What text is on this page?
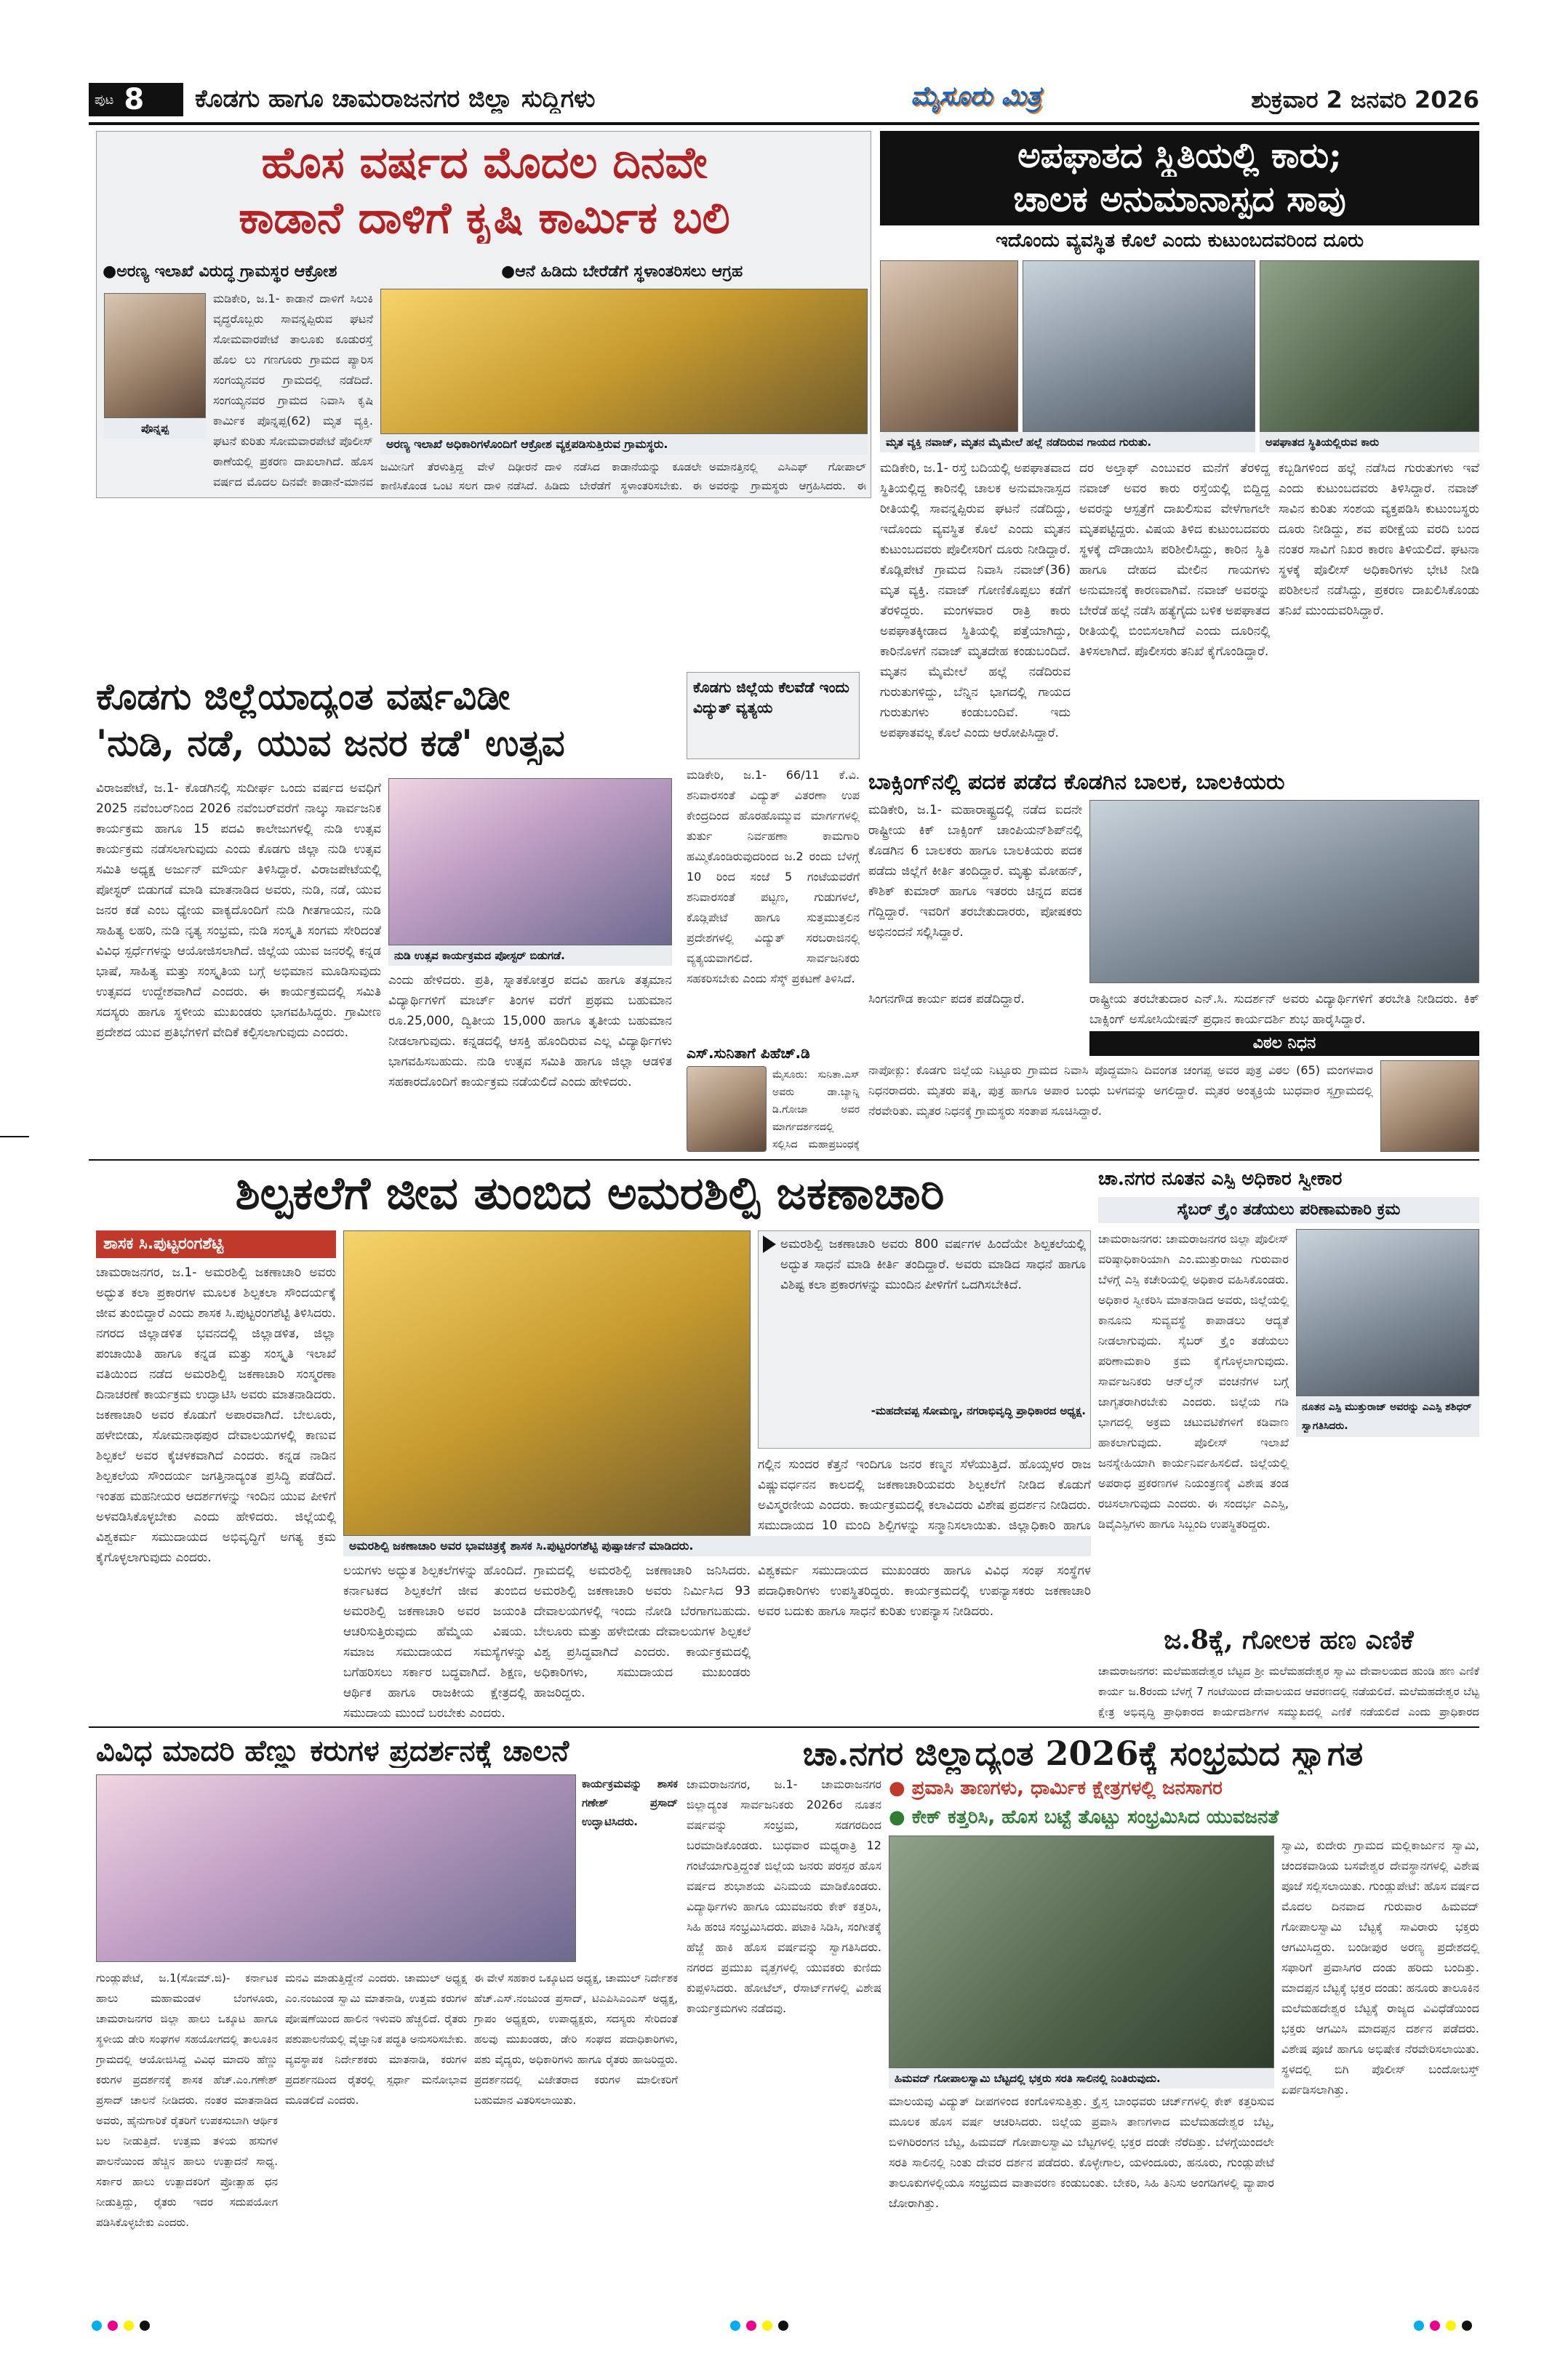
ಪುಟ 8 ಕೊಡಗು ಹಾಗೂ ಚಾಮರಾಜನಗರ ಜಿಲ್ಲಾ ಸುದ್ದಿಗಳು	ಮೈಸೂರು ಮಿತ್ರ	ಶುಕ್ರವಾರ 2 ಜನವರಿ 2026
ಹೊಸ ವರ್ಷದ ಮೊದಲ ದಿನವೇ
ಕಾಡಾನೆ ದಾಳಿಗೆ ಕೃಷಿ ಕಾರ್ಮಿಕ ಬಲಿ
●ಅರಣ್ಯ ಇಲಾಖೆ ವಿರುದ್ಧ ಗ್ರಾಮಸ್ಥರ ಆಕ್ರೋಶ	●ಆನೆ ಹಿಡಿದು ಬೇರೆಡೆಗೆ ಸ್ಥಳಾಂತರಿಸಲು ಆಗ್ರಹ
ಪೊನ್ನಪ್ಪ
ಮಡಿಕೇರಿ, ಜ.1- ಕಾಡಾನೆ ದಾಳಿಗೆ ಸಿಲುಕಿ ವೃದ್ಧರೊಬ್ಬರು ಸಾವನ್ನಪ್ಪಿರುವ ಘಟನೆ ಸೋಮವಾರಪೇಟೆ ತಾಲೂಕು ಕೂಡುರಸ್ತೆ ಹೊಲ ಲು ಗಣಗೂರು ಗ್ರಾಮದ ಪ್ಯಾರಿಸ ಸಂಗಯ್ಯನವರ ಗ್ರಾಮದಲ್ಲಿ ನಡೆದಿದೆ. ಸಂಗಯ್ಯನವರ ಗ್ರಾಮದ ನಿವಾಸಿ ಕೃಷಿ ಕಾರ್ಮಿಕ ಪೊನ್ನಪ್ಪ(62) ಮೃತ ವ್ಯಕ್ತಿ. ಘಟನೆ ಕುರಿತು ಸೋಮವಾರಪೇಟೆ ಪೊಲೀಸ್ ಠಾಣೆಯಲ್ಲಿ ಪ್ರಕರಣ ದಾಖಲಾಗಿದೆ. ಹೊಸ ವರ್ಷದ ಮೊದಲ ದಿನವೇ ಕಾಡಾನೆ-ಮಾನವ
ಅರಣ್ಯ ಇಲಾಖೆ ಅಧಿಕಾರಿಗಳೊಂದಿಗೆ ಆಕ್ರೋಶ ವ್ಯಕ್ತಪಡಿಸುತ್ತಿರುವ ಗ್ರಾಮಸ್ಥರು.
ಜಮೀನಿಗೆ ತೆರಳುತ್ತಿದ್ದ ವೇಳೆ ದಿಢೀರನೆ ಕಾಣಿಸಿಕೊಂಡ ಒಂಟಿ ಸಲಗ ದಾಳಿ ನಡೆಸಿದೆ.
ದಾಳಿ ನಡೆಸಿದ ಕಾಡಾನೆಯನ್ನು ಕೂಡಲೇ ಹಿಡಿದು ಬೇರೆಡೆಗೆ ಸ್ಥಳಾಂತರಿಸಬೇಕು. ಈ
ಅಮಾನತ್ತಿನಲ್ಲಿ ಎಸಿಎಫ್ ಗೋಪಾಲ್ ಅವರನ್ನು ಗ್ರಾಮಸ್ಥರು ಆಗ್ರಹಿಸಿದರು. ಈ
ಅಪಘಾತದ ಸ್ಥಿತಿಯಲ್ಲಿ ಕಾರು;
ಚಾಲಕ ಅನುಮಾನಾಸ್ಪದ ಸಾವು
ಇದೊಂದು ವ್ಯವಸ್ಥಿತ ಕೊಲೆ ಎಂದು ಕುಟುಂಬದವರಿಂದ ದೂರು
ಮೃತ ವ್ಯಕ್ತಿ ನವಾಜ್, ಮೃತನ ಮೈಮೇಲೆ ಹಲ್ಲೆ ನಡೆದಿರುವ ಗಾಯದ ಗುರುತು.	ಅಪಘಾತದ ಸ್ಥಿತಿಯಲ್ಲಿರುವ ಕಾರು
ಮಡಿಕೇರಿ, ಜ.1- ರಸ್ತೆ ಬದಿಯಲ್ಲಿ ಅಪಘಾತವಾದ ಸ್ಥಿತಿಯಲ್ಲಿದ್ದ ಕಾರಿನಲ್ಲಿ ಚಾಲಕ ಅನುಮಾನಾಸ್ಪದ ರೀತಿಯಲ್ಲಿ ಸಾವನ್ನಪ್ಪಿರುವ ಘಟನೆ ನಡೆದಿದ್ದು, ಇದೊಂದು ವ್ಯವಸ್ಥಿತ ಕೊಲೆ ಎಂದು ಮೃತನ ಕುಟುಂಬದವರು ಪೊಲೀಸರಿಗೆ ದೂರು ನೀಡಿದ್ದಾರೆ. ಕೊಡ್ಲಿಪೇಟೆ ಗ್ರಾಮದ ನಿವಾಸಿ ನವಾಜ್(36) ಮೃತ ವ್ಯಕ್ತಿ. ನವಾಜ್ ಗೋಣಿಕೊಪ್ಪಲು ಕಡೆಗೆ ತೆರಳಿದ್ದರು. ಮಂಗಳವಾರ ರಾತ್ರಿ ಕಾರು ಅಪಘಾತಕ್ಕೀಡಾದ ಸ್ಥಿತಿಯಲ್ಲಿ ಪತ್ತೆಯಾಗಿದ್ದು, ಕಾರಿನೊಳಗೆ ನವಾಜ್ ಮೃತದೇಹ ಕಂಡುಬಂದಿದೆ. ಮೃತನ ಮೈಮೇಲೆ ಹಲ್ಲೆ ನಡೆದಿರುವ ಗುರುತುಗಳಿದ್ದು, ಬೆನ್ನಿನ ಭಾಗದಲ್ಲಿ ಗಾಯದ ಗುರುತುಗಳು ಕಂಡುಬಂದಿವೆ. ಇದು ಅಪಘಾತವಲ್ಲ ಕೊಲೆ ಎಂದು ಆರೋಪಿಸಿದ್ದಾರೆ.
ದರ ಅಲ್ತಾಫ್ ಎಂಬುವರ ಮನೆಗೆ ತೆರಳಿದ್ದ ನವಾಜ್ ಅವರ ಕಾರು ರಸ್ತೆಯಲ್ಲಿ ಬಿದ್ದಿದ್ದ ಅವರನ್ನು ಆಸ್ಪತ್ರೆಗೆ ದಾಖಲಿಸುವ ವೇಳೆಗಾಗಲೇ ಮೃತಪಟ್ಟಿದ್ದರು. ವಿಷಯ ತಿಳಿದ ಕುಟುಂಬದವರು ಸ್ಥಳಕ್ಕೆ ದೌಡಾಯಿಸಿ ಪರಿಶೀಲಿಸಿದ್ದು, ಕಾರಿನ ಸ್ಥಿತಿ ಹಾಗೂ ದೇಹದ ಮೇಲಿನ ಗಾಯಗಳು ಅನುಮಾನಕ್ಕೆ ಕಾರಣವಾಗಿವೆ. ನವಾಜ್ ಅವರನ್ನು ಬೇರೆಡೆ ಹಲ್ಲೆ ನಡೆಸಿ ಹತ್ಯೆಗೈದು ಬಳಿಕ ಅಪಘಾತದ ರೀತಿಯಲ್ಲಿ ಬಿಂಬಿಸಲಾಗಿದೆ ಎಂದು ದೂರಿನಲ್ಲಿ ತಿಳಿಸಲಾಗಿದೆ. ಪೊಲೀಸರು ತನಿಖೆ ಕೈಗೊಂಡಿದ್ದಾರೆ.
ಕಬ್ಬಡಿಗಳಿಂದ ಹಲ್ಲೆ ನಡೆಸಿದ ಗುರುತುಗಳು ಇವೆ ಎಂದು ಕುಟುಂಬದವರು ತಿಳಿಸಿದ್ದಾರೆ. ನವಾಜ್ ಸಾವಿನ ಕುರಿತು ಸಂಶಯ ವ್ಯಕ್ತಪಡಿಸಿ ಕುಟುಂಬಸ್ಥರು ದೂರು ನೀಡಿದ್ದು, ಶವ ಪರೀಕ್ಷೆಯ ವರದಿ ಬಂದ ನಂತರ ಸಾವಿಗೆ ನಿಖರ ಕಾರಣ ತಿಳಿಯಲಿದೆ. ಘಟನಾ ಸ್ಥಳಕ್ಕೆ ಪೊಲೀಸ್ ಅಧಿಕಾರಿಗಳು ಭೇಟಿ ನೀಡಿ ಪರಿಶೀಲನೆ ನಡೆಸಿದ್ದು, ಪ್ರಕರಣ ದಾಖಲಿಸಿಕೊಂಡು ತನಿಖೆ ಮುಂದುವರಿಸಿದ್ದಾರೆ.
ಕೊಡಗು ಜಿಲ್ಲೆಯಾದ್ಯಂತ ವರ್ಷವಿಡೀ
'ನುಡಿ, ನಡೆ, ಯುವ ಜನರ ಕಡೆ' ಉತ್ಸವ
ನುಡಿ ಉತ್ಸವ ಕಾರ್ಯಕ್ರಮದ ಪೋಸ್ಟರ್ ಬಿಡುಗಡೆ.
ವಿರಾಜಪೇಟೆ, ಜ.1- ಕೊಡಗಿನಲ್ಲಿ ಸುದೀರ್ಘ ಒಂದು ವರ್ಷದ ಅವಧಿಗೆ 2025 ನವೆಂಬರ್‌ನಿಂದ 2026 ನವೆಂಬರ್‌ವರೆಗೆ ನಾಲ್ಕು ಸಾರ್ವಜನಿಕ ಕಾರ್ಯಕ್ರಮ ಹಾಗೂ 15 ಪದವಿ ಕಾಲೇಜುಗಳಲ್ಲಿ ನುಡಿ ಉತ್ಸವ ಕಾರ್ಯಕ್ರಮ ನಡೆಸಲಾಗುವುದು ಎಂದು ಕೊಡಗು ಜಿಲ್ಲಾ ನುಡಿ ಉತ್ಸವ ಸಮಿತಿ ಅಧ್ಯಕ್ಷ ಅರ್ಜುನ್ ಮೌರ್ಯ ತಿಳಿಸಿದ್ದಾರೆ. ವಿರಾಜಪೇಟೆಯಲ್ಲಿ ಪೋಸ್ಟರ್ ಬಿಡುಗಡೆ ಮಾಡಿ ಮಾತನಾಡಿದ ಅವರು, ನುಡಿ, ನಡೆ, ಯುವ ಜನರ ಕಡೆ ಎಂಬ ಧ್ಯೇಯ ವಾಕ್ಯದೊಂದಿಗೆ ನುಡಿ ಗೀತಗಾಯನ, ನುಡಿ ಸಾಹಿತ್ಯ ಲಹರಿ, ನುಡಿ ನೃತ್ಯ ಸಂಭ್ರಮ, ನುಡಿ ಸಂಸ್ಕೃತಿ ಸಂಗಮ ಸೇರಿದಂತೆ ವಿವಿಧ ಸ್ಪರ್ಧೆಗಳನ್ನು ಆಯೋಜಿಸಲಾಗಿದೆ. ಜಿಲ್ಲೆಯ ಯುವ ಜನರಲ್ಲಿ ಕನ್ನಡ ಭಾಷೆ, ಸಾಹಿತ್ಯ ಮತ್ತು ಸಂಸ್ಕೃತಿಯ ಬಗ್ಗೆ ಅಭಿಮಾನ ಮೂಡಿಸುವುದು ಉತ್ಸವದ ಉದ್ದೇಶವಾಗಿದೆ ಎಂದರು. ಈ ಕಾರ್ಯಕ್ರಮದಲ್ಲಿ ಸಮಿತಿ ಸದಸ್ಯರು ಹಾಗೂ ಸ್ಥಳೀಯ ಮುಖಂಡರು ಭಾಗವಹಿಸಿದ್ದರು. ಗ್ರಾಮೀಣ ಪ್ರದೇಶದ ಯುವ ಪ್ರತಿಭೆಗಳಿಗೆ ವೇದಿಕೆ ಕಲ್ಪಿಸಲಾಗುವುದು ಎಂದರು.
ಎಂದು ಹೇಳಿದರು. ಪ್ರತಿ, ಸ್ನಾತಕೋತ್ತರ ಪದವಿ ಹಾಗೂ ತತ್ಸಮಾನ ವಿದ್ಯಾರ್ಥಿಗಳಿಗೆ ಮಾರ್ಚ್ ತಿಂಗಳ ವರೆಗೆ ಪ್ರಥಮ ಬಹುಮಾನ ರೂ.25,000, ದ್ವಿತೀಯ 15,000 ಹಾಗೂ ತೃತೀಯ ಬಹುಮಾನ ನೀಡಲಾಗುವುದು. ಕನ್ನಡದಲ್ಲಿ ಆಸಕ್ತಿ ಹೊಂದಿರುವ ಎಲ್ಲ ವಿದ್ಯಾರ್ಥಿಗಳು ಭಾಗವಹಿಸಬಹುದು. ನುಡಿ ಉತ್ಸವ ಸಮಿತಿ ಹಾಗೂ ಜಿಲ್ಲಾ ಆಡಳಿತ ಸಹಕಾರದೊಂದಿಗೆ ಕಾರ್ಯಕ್ರಮ ನಡೆಯಲಿದೆ ಎಂದು ಹೇಳಿದರು.
ಕೊಡಗು ಜಿಲ್ಲೆಯ ಕೆಲವೆಡೆ ಇಂದು ವಿದ್ಯುತ್ ವ್ಯತ್ಯಯ
ಮಡಿಕೇರಿ, ಜ.1- 66/11 ಕೆ.ವಿ. ಶನಿವಾರಸಂತೆ ವಿದ್ಯುತ್ ವಿತರಣಾ ಉಪ ಕೇಂದ್ರದಿಂದ ಹೊರಹೊಮ್ಮುವ ಮಾರ್ಗಗಳಲ್ಲಿ ತುರ್ತು ನಿರ್ವಹಣಾ ಕಾಮಗಾರಿ ಹಮ್ಮಿಕೊಂಡಿರುವುದರಿಂದ ಜ.2 ರಂದು ಬೆಳಗ್ಗೆ 10 ರಿಂದ ಸಂಜೆ 5 ಗಂಟೆಯವರೆಗೆ ಶನಿವಾರಸಂತೆ ಪಟ್ಟಣ, ಗುಡುಗಳಲೆ, ಕೊಡ್ಲಿಪೇಟೆ ಹಾಗೂ ಸುತ್ತಮುತ್ತಲಿನ ಪ್ರದೇಶಗಳಲ್ಲಿ ವಿದ್ಯುತ್ ಸರಬರಾಜಿನಲ್ಲಿ ವ್ಯತ್ಯಯವಾಗಲಿದೆ. ಸಾರ್ವಜನಿಕರು ಸಹಕರಿಸಬೇಕು ಎಂದು ಸೆಸ್ಕ್ ಪ್ರಕಟಣೆ ತಿಳಿಸಿದೆ.
ಎಸ್.ಸುನಿತಾಗೆ ಪಿಹೆಚ್.ಡಿ
ಮೈಸೂರು: ಸುನಿತಾ.ಎಸ್ ಅವರು ಡಾ.ಬ್ಯಾನ್ನಿ ಡಿ.ಗೋಜಾ ಅವರ ಮಾರ್ಗದರ್ಶನದಲ್ಲಿ ಸಲ್ಲಿಸಿದ ಮಹಾಪ್ರಬಂಧಕ್ಕೆ
ಬಾಕ್ಸಿಂಗ್‌ನಲ್ಲಿ ಪದಕ ಪಡೆದ ಕೊಡಗಿನ ಬಾಲಕ, ಬಾಲಕಿಯರು
ಮಡಿಕೇರಿ, ಜ.1- ಮಹಾರಾಷ್ಟ್ರದಲ್ಲಿ ನಡೆದ ಐದನೇ ರಾಷ್ಟ್ರೀಯ ಕಿಕ್ ಬಾಕ್ಸಿಂಗ್ ಚಾಂಪಿಯನ್‌ಶಿಪ್‌ನಲ್ಲಿ ಕೊಡಗಿನ 6 ಬಾಲಕರು ಹಾಗೂ ಬಾಲಕಿಯರು ಪದಕ ಪಡೆದು ಜಿಲ್ಲೆಗೆ ಕೀರ್ತಿ ತಂದಿದ್ದಾರೆ. ಮೃತ್ಯು ಮೋಹನ್, ಕೌಶಿಕ್ ಕುಮಾರ್ ಹಾಗೂ ಇತರರು ಚಿನ್ನದ ಪದಕ ಗೆದ್ದಿದ್ದಾರೆ. ಇವರಿಗೆ ತರಬೇತುದಾರರು, ಪೋಷಕರು ಅಭಿನಂದನೆ ಸಲ್ಲಿಸಿದ್ದಾರೆ.
ಸಿಂಗನಗೌಡ ಕಾರ್ಯ ಪದಕ ಪಡೆದಿದ್ದಾರೆ.	ರಾಷ್ಟ್ರೀಯ ತರಬೇತುದಾರ ಎನ್.ಸಿ. ಸುದರ್ಶನ್ ಅವರು ವಿದ್ಯಾರ್ಥಿಗಳಿಗೆ ತರಬೇತಿ ನೀಡಿದರು. ಕಿಕ್ ಬಾಕ್ಸಿಂಗ್ ಅಸೋಸಿಯೇಷನ್ ಪ್ರಧಾನ ಕಾರ್ಯದರ್ಶಿ ಶುಭ ಹಾರೈಸಿದ್ದಾರೆ.
ವಿಠಲ ನಿಧನ
ನಾಪೋಕ್ಲು: ಕೊಡಗು ಜಿಲ್ಲೆಯ ನಿಟ್ಟೂರು ಗ್ರಾಮದ ನಿವಾಸಿ ಪೊದ್ದಮಾನಿ ದಿವಂಗತ ಚಂಗಪ್ಪ ಅವರ ಪುತ್ರ ವಿಠಲ (65) ಮಂಗಳವಾರ ನಿಧನರಾದರು. ಮೃತರು ಪತ್ನಿ, ಪುತ್ರ ಹಾಗೂ ಅಪಾರ ಬಂಧು ಬಳಗವನ್ನು ಅಗಲಿದ್ದಾರೆ. ಮೃತರ ಅಂತ್ಯಕ್ರಿಯೆ ಬುಧವಾರ ಸ್ವಗ್ರಾಮದಲ್ಲಿ ನೆರವೇರಿತು. ಮೃತರ ನಿಧನಕ್ಕೆ ಗ್ರಾಮಸ್ಥರು ಸಂತಾಪ ಸೂಚಿಸಿದ್ದಾರೆ.
ಶಿಲ್ಪಕಲೆಗೆ ಜೀವ ತುಂಬಿದ ಅಮರಶಿಲ್ಪಿ ಜಕಣಾಚಾರಿ
ಶಾಸಕ ಸಿ.ಪುಟ್ಟರಂಗಶೆಟ್ಟಿ
ಚಾಮರಾಜನಗರ, ಜ.1- ಅಮರಶಿಲ್ಪಿ ಜಕಣಾಚಾರಿ ಅವರು ಅದ್ಭುತ ಕಲಾ ಪ್ರಕಾರಗಳ ಮೂಲಕ ಶಿಲ್ಪಕಲಾ ಸೌಂದರ್ಯಕ್ಕೆ ಜೀವ ತುಂಬಿದ್ದಾರೆ ಎಂದು ಶಾಸಕ ಸಿ.ಪುಟ್ಟರಂಗಶೆಟ್ಟಿ ತಿಳಿಸಿದರು. ನಗರದ ಜಿಲ್ಲಾಡಳಿತ ಭವನದಲ್ಲಿ ಜಿಲ್ಲಾಡಳಿತ, ಜಿಲ್ಲಾ ಪಂಚಾಯಿತಿ ಹಾಗೂ ಕನ್ನಡ ಮತ್ತು ಸಂಸ್ಕೃತಿ ಇಲಾಖೆ ವತಿಯಿಂದ ನಡೆದ ಅಮರಶಿಲ್ಪಿ ಜಕಣಾಚಾರಿ ಸಂಸ್ಮರಣಾ ದಿನಾಚರಣೆ ಕಾರ್ಯಕ್ರಮ ಉದ್ಘಾಟಿಸಿ ಅವರು ಮಾತನಾಡಿದರು. ಜಕಣಾಚಾರಿ ಅವರ ಕೊಡುಗೆ ಅಪಾರವಾಗಿದೆ. ಬೇಲೂರು, ಹಳೇಬೀಡು, ಸೋಮನಾಥಪುರ ದೇವಾಲಯಗಳಲ್ಲಿ ಕಾಣುವ ಶಿಲ್ಪಕಲೆ ಅವರ ಕೈಚಳಕವಾಗಿದೆ ಎಂದರು. ಕನ್ನಡ ನಾಡಿನ ಶಿಲ್ಪಕಲೆಯ ಸೌಂದರ್ಯ ಜಗತ್ತಿನಾದ್ಯಂತ ಪ್ರಸಿದ್ಧಿ ಪಡೆದಿದೆ. ಇಂತಹ ಮಹನೀಯರ ಆದರ್ಶಗಳನ್ನು ಇಂದಿನ ಯುವ ಪೀಳಿಗೆ ಅಳವಡಿಸಿಕೊಳ್ಳಬೇಕು ಎಂದು ಹೇಳಿದರು. ಜಿಲ್ಲೆಯಲ್ಲಿ ವಿಶ್ವಕರ್ಮ ಸಮುದಾಯದ ಅಭಿವೃದ್ಧಿಗೆ ಅಗತ್ಯ ಕ್ರಮ ಕೈಗೊಳ್ಳಲಾಗುವುದು ಎಂದರು.
ಅಮರಶಿಲ್ಪಿ ಜಕಣಾಚಾರಿ ಅವರ ಭಾವಚಿತ್ರಕ್ಕೆ ಶಾಸಕ ಸಿ.ಪುಟ್ಟರಂಗಶೆಟ್ಟಿ ಪುಷ್ಪಾರ್ಚನೆ ಮಾಡಿದರು.
ಅಮರಶಿಲ್ಪಿ ಜಕಣಾಚಾರಿ ಅವರು 800 ವರ್ಷಗಳ ಹಿಂದೆಯೇ ಶಿಲ್ಪಕಲೆಯಲ್ಲಿ ಅದ್ಭುತ ಸಾಧನೆ ಮಾಡಿ ಕೀರ್ತಿ ತಂದಿದ್ದಾರೆ. ಅವರು ಮಾಡಿದ ಸಾಧನೆ ಹಾಗೂ ವಿಶಿಷ್ಟ ಕಲಾ ಪ್ರಕಾರಗಳನ್ನು ಮುಂದಿನ ಪೀಳಿಗೆಗೆ ಒದಗಿಸಬೇಕಿದೆ.
-ಮಹದೇವಪ್ಪ ಸೋಮಣ್ಣ, ನಗರಾಭಿವೃದ್ಧಿ ಪ್ರಾಧಿಕಾರದ ಅಧ್ಯಕ್ಷ.
ಗಲ್ಲಿನ ಸುಂದರ ಕೆತ್ತನೆ ಇಂದಿಗೂ ಜನರ ಕಣ್ಮನ ಸೆಳೆಯುತ್ತಿದೆ. ಹೊಯ್ಸಳರ ರಾಜ ವಿಷ್ಣುವರ್ಧನನ ಕಾಲದಲ್ಲಿ ಜಕಣಾಚಾರಿಯವರು ಶಿಲ್ಪಕಲೆಗೆ ನೀಡಿದ ಕೊಡುಗೆ ಅವಿಸ್ಮರಣೀಯ ಎಂದರು. ಕಾರ್ಯಕ್ರಮದಲ್ಲಿ ಕಲಾವಿದರು ವಿಶೇಷ ಪ್ರದರ್ಶನ ನೀಡಿದರು. ಸಮುದಾಯದ 10 ಮಂದಿ ಶಿಲ್ಪಿಗಳನ್ನು ಸನ್ಮಾನಿಸಲಾಯಿತು. ಜಿಲ್ಲಾಧಿಕಾರಿ ಹಾಗೂ
ಲಯಗಳು ಅದ್ಭುತ ಶಿಲ್ಪಕಲೆಗಳನ್ನು ಹೊಂದಿದೆ. ಕರ್ನಾಟಕದ ಶಿಲ್ಪಕಲೆಗೆ ಜೀವ ತುಂಬಿದ ಅಮರಶಿಲ್ಪಿ ಜಕಣಾಚಾರಿ ಅವರ ಜಯಂತಿ ಆಚರಿಸುತ್ತಿರುವುದು ಹೆಮ್ಮೆಯ ವಿಷಯ. ಸಮಾಜ ಸಮುದಾಯದ ಸಮಸ್ಯೆಗಳನ್ನು ಬಗೆಹರಿಸಲು ಸರ್ಕಾರ ಬದ್ಧವಾಗಿದೆ. ಶಿಕ್ಷಣ, ಆರ್ಥಿಕ ಹಾಗೂ ರಾಜಕೀಯ ಕ್ಷೇತ್ರದಲ್ಲಿ ಸಮುದಾಯ ಮುಂದೆ ಬರಬೇಕು ಎಂದರು.
ಗ್ರಾಮದಲ್ಲಿ ಅಮರಶಿಲ್ಪಿ ಜಕಣಾಚಾರಿ ಜನಿಸಿದರು. ಅಮರಶಿಲ್ಪಿ ಜಕಣಾಚಾರಿ ಅವರು ನಿರ್ಮಿಸಿದ 93 ದೇವಾಲಯಗಳಲ್ಲಿ ಇಂದು ನೋಡಿ ಬೆರಗಾಗಬಹುದು. ಬೇಲೂರು ಮತ್ತು ಹಳೇಬೀಡು ದೇವಾಲಯಗಳ ಶಿಲ್ಪಕಲೆ ವಿಶ್ವ ಪ್ರಸಿದ್ಧವಾಗಿದೆ ಎಂದರು. ಕಾರ್ಯಕ್ರಮದಲ್ಲಿ ಅಧಿಕಾರಿಗಳು, ಸಮುದಾಯದ ಮುಖಂಡರು ಹಾಜರಿದ್ದರು.
ವಿಶ್ವಕರ್ಮ ಸಮುದಾಯದ ಮುಖಂಡರು ಹಾಗೂ ವಿವಿಧ ಸಂಘ ಸಂಸ್ಥೆಗಳ ಪದಾಧಿಕಾರಿಗಳು ಉಪಸ್ಥಿತರಿದ್ದರು. ಕಾರ್ಯಕ್ರಮದಲ್ಲಿ ಉಪನ್ಯಾಸಕರು ಜಕಣಾಚಾರಿ ಅವರ ಬದುಕು ಹಾಗೂ ಸಾಧನೆ ಕುರಿತು ಉಪನ್ಯಾಸ ನೀಡಿದರು.
ಚಾ.ನಗರ ನೂತನ ಎಸ್ಪಿ ಅಧಿಕಾರ ಸ್ವೀಕಾರ
ಸೈಬರ್ ಕ್ರೈಂ ತಡೆಯಲು ಪರಿಣಾಮಕಾರಿ ಕ್ರಮ
ಚಾಮರಾಜನಗರ: ಚಾಮರಾಜನಗರ ಜಿಲ್ಲಾ ಪೊಲೀಸ್ ವರಿಷ್ಠಾಧಿಕಾರಿಯಾಗಿ ಎಂ.ಮುತ್ತುರಾಜು ಗುರುವಾರ ಬೆಳಗ್ಗೆ ಎಸ್ಪಿ ಕಚೇರಿಯಲ್ಲಿ ಅಧಿಕಾರ ವಹಿಸಿಕೊಂಡರು. ಅಧಿಕಾರ ಸ್ವೀಕರಿಸಿ ಮಾತನಾಡಿದ ಅವರು, ಜಿಲ್ಲೆಯಲ್ಲಿ ಕಾನೂನು ಸುವ್ಯವಸ್ಥೆ ಕಾಪಾಡಲು ಆದ್ಯತೆ ನೀಡಲಾಗುವುದು. ಸೈಬರ್ ಕ್ರೈಂ ತಡೆಯಲು ಪರಿಣಾಮಕಾರಿ ಕ್ರಮ ಕೈಗೊಳ್ಳಲಾಗುವುದು. ಸಾರ್ವಜನಿಕರು ಆನ್‌ಲೈನ್ ವಂಚನೆಗಳ ಬಗ್ಗೆ ಜಾಗೃತರಾಗಿರಬೇಕು ಎಂದರು. ಜಿಲ್ಲೆಯ ಗಡಿ ಭಾಗದಲ್ಲಿ ಅಕ್ರಮ ಚಟುವಟಿಕೆಗಳಿಗೆ ಕಡಿವಾಣ ಹಾಕಲಾಗುವುದು. ಪೊಲೀಸ್ ಇಲಾಖೆ ಜನಸ್ನೇಹಿಯಾಗಿ ಕಾರ್ಯನಿರ್ವಹಿಸಲಿದೆ. ಜಿಲ್ಲೆಯಲ್ಲಿ ಅಪರಾಧ ಪ್ರಕರಣಗಳ ನಿಯಂತ್ರಣಕ್ಕೆ ವಿಶೇಷ ತಂಡ ರಚಿಸಲಾಗುವುದು ಎಂದರು. ಈ ಸಂದರ್ಭ ಎಎಸ್ಪಿ, ಡಿವೈಎಸ್ಪಿಗಳು ಹಾಗೂ ಸಿಬ್ಬಂದಿ ಉಪಸ್ಥಿತರಿದ್ದರು.
ನೂತನ ಎಸ್ಪಿ ಮುತ್ತುರಾಜ್ ಅವರನ್ನು ಎಎಸ್ಪಿ ಶಶಿಧರ್ ಸ್ವಾಗತಿಸಿದರು.
ಜ.8ಕ್ಕೆ, ಗೋಲಕ ಹಣ ಎಣಿಕೆ
ಚಾಮರಾಜನಗರ: ಮಲೆಮಹದೇಶ್ವರ ಬೆಟ್ಟದ ಶ್ರೀ ಮಲೆಮಹದೇಶ್ವರ ಸ್ವಾಮಿ ದೇವಾಲಯದ ಹುಂಡಿ ಹಣ ಎಣಿಕೆ ಕಾರ್ಯ ಜ.8ರಂದು ಬೆಳಗ್ಗೆ 7 ಗಂಟೆಯಿಂದ ದೇವಾಲಯದ ಆವರಣದಲ್ಲಿ ನಡೆಯಲಿದೆ. ಮಲೆಮಹದೇಶ್ವರ ಬೆಟ್ಟ ಕ್ಷೇತ್ರ ಅಭಿವೃದ್ಧಿ ಪ್ರಾಧಿಕಾರದ ಕಾರ್ಯದರ್ಶಿಗಳ ಸಮ್ಮುಖದಲ್ಲಿ ಎಣಿಕೆ ನಡೆಯಲಿದೆ ಎಂದು ಪ್ರಾಧಿಕಾರದ
ವಿವಿಧ ಮಾದರಿ ಹೆಣ್ಣು ಕರುಗಳ ಪ್ರದರ್ಶನಕ್ಕೆ ಚಾಲನೆ
ಕಾರ್ಯಕ್ರಮವನ್ನು ಶಾಸಕ ಗಣೇಶ್ ಪ್ರಸಾದ್ ಉದ್ಘಾಟಿಸಿದರು.
ಗುಂಡ್ಲುಪೇಟೆ, ಜ.1(ಸೋಮ್.ಜಿ)- ಕರ್ನಾಟಕ ಹಾಲು ಮಹಾಮಂಡಳ ಬೆಂಗಳೂರು, ಚಾಮರಾಜನಗರ ಜಿಲ್ಲಾ ಹಾಲು ಒಕ್ಕೂಟ ಹಾಗೂ ಸ್ಥಳೀಯ ಡೇರಿ ಸಂಘಗಳ ಸಹಯೋಗದಲ್ಲಿ ತಾಲೂಕಿನ ಗ್ರಾಮದಲ್ಲಿ ಆಯೋಜಿಸಿದ್ದ ವಿವಿಧ ಮಾದರಿ ಹೆಣ್ಣು ಕರುಗಳ ಪ್ರದರ್ಶನಕ್ಕೆ ಶಾಸಕ ಹೆಚ್.ಎಂ.ಗಣೇಶ್ ಪ್ರಸಾದ್ ಚಾಲನೆ ನೀಡಿದರು. ನಂತರ ಮಾತನಾಡಿದ ಅವರು, ಹೈನುಗಾರಿಕೆ ರೈತರಿಗೆ ಉಪಕಸುಬಾಗಿ ಆರ್ಥಿಕ ಬಲ ನೀಡುತ್ತಿದೆ. ಉತ್ತಮ ತಳಿಯ ಹಸುಗಳ ಪಾಲನೆಯಿಂದ ಹೆಚ್ಚಿನ ಹಾಲು ಉತ್ಪಾದನೆ ಸಾಧ್ಯ. ಸರ್ಕಾರ ಹಾಲು ಉತ್ಪಾದಕರಿಗೆ ಪ್ರೋತ್ಸಾಹ ಧನ ನೀಡುತ್ತಿದ್ದು, ರೈತರು ಇದರ ಸದುಪಯೋಗ ಪಡಿಸಿಕೊಳ್ಳಬೇಕು ಎಂದರು.
ಮನವಿ ಮಾಡುತ್ತಿದ್ದೇನೆ ಎಂದರು. ಚಾಮುಲ್ ಅಧ್ಯಕ್ಷ ಎಂ.ನಂಜುಂಡ ಸ್ವಾಮಿ ಮಾತನಾಡಿ, ಉತ್ತಮ ಕರುಗಳ ಪೋಷಣೆಯಿಂದ ಹಾಲಿನ ಇಳುವರಿ ಹೆಚ್ಚಲಿದೆ. ರೈತರು ಪಶುಪಾಲನೆಯಲ್ಲಿ ವೈಜ್ಞಾನಿಕ ಪದ್ಧತಿ ಅನುಸರಿಸಬೇಕು. ವ್ಯವಸ್ಥಾಪಕ ನಿರ್ದೇಶಕರು ಮಾತನಾಡಿ, ಕರುಗಳ ಪ್ರದರ್ಶನದಿಂದ ರೈತರಲ್ಲಿ ಸ್ಪರ್ಧಾ ಮನೋಭಾವ ಮೂಡಲಿದೆ ಎಂದರು.
ಈ ವೇಳೆ ಸಹಕಾರ ಒಕ್ಕೂಟದ ಅಧ್ಯಕ್ಷ, ಚಾಮುಲ್ ನಿರ್ದೇಶಕ ಹೆಚ್.ಎಸ್.ನಂಜುಂಡ ಪ್ರಸಾದ್, ಟಿಎಪಿಸಿಎಂಎಸ್ ಅಧ್ಯಕ್ಷ, ಗ್ರಾಪಂ ಅಧ್ಯಕ್ಷರು, ಉಪಾಧ್ಯಕ್ಷರು, ಸದಸ್ಯರು ಸೇರಿದಂತೆ ಹಲವು ಮುಖಂಡರು, ಡೇರಿ ಸಂಘದ ಪದಾಧಿಕಾರಿಗಳು, ಪಶು ವೈದ್ಯರು, ಅಧಿಕಾರಿಗಳು ಹಾಗೂ ರೈತರು ಹಾಜರಿದ್ದರು. ಪ್ರದರ್ಶನದಲ್ಲಿ ವಿಜೇತರಾದ ಕರುಗಳ ಮಾಲೀಕರಿಗೆ ಬಹುಮಾನ ವಿತರಿಸಲಾಯಿತು.
ಚಾ.ನಗರ ಜಿಲ್ಲಾದ್ಯಂತ 2026ಕ್ಕೆ ಸಂಭ್ರಮದ ಸ್ವಾಗತ
● ಪ್ರವಾಸಿ ತಾಣಗಳು, ಧಾರ್ಮಿಕ ಕ್ಷೇತ್ರಗಳಲ್ಲಿ ಜನಸಾಗರ
● ಕೇಕ್ ಕತ್ತರಿಸಿ, ಹೊಸ ಬಟ್ಟೆ ತೊಟ್ಟು ಸಂಭ್ರಮಿಸಿದ ಯುವಜನತೆ
ಚಾಮರಾಜನಗರ, ಜ.1- ಚಾಮರಾಜನಗರ ಜಿಲ್ಲಾದ್ಯಂತ ಸಾರ್ವಜನಿಕರು 2026ರ ನೂತನ ವರ್ಷವನ್ನು ಸಂಭ್ರಮ, ಸಡಗರದಿಂದ ಬರಮಾಡಿಕೊಂಡರು. ಬುಧವಾರ ಮಧ್ಯರಾತ್ರಿ 12 ಗಂಟೆಯಾಗುತ್ತಿದ್ದಂತೆ ಜಿಲ್ಲೆಯ ಜನರು ಪರಸ್ಪರ ಹೊಸ ವರ್ಷದ ಶುಭಾಶಯ ವಿನಿಮಯ ಮಾಡಿಕೊಂಡರು. ವಿದ್ಯಾರ್ಥಿಗಳು ಹಾಗೂ ಯುವಜನರು ಕೇಕ್ ಕತ್ತರಿಸಿ, ಸಿಹಿ ಹಂಚಿ ಸಂಭ್ರಮಿಸಿದರು. ಪಟಾಕಿ ಸಿಡಿಸಿ, ಸಂಗೀತಕ್ಕೆ ಹೆಜ್ಜೆ ಹಾಕಿ ಹೊಸ ವರ್ಷವನ್ನು ಸ್ವಾಗತಿಸಿದರು. ನಗರದ ಪ್ರಮುಖ ವೃತ್ತಗಳಲ್ಲಿ ಯುವಕರು ಕುಣಿದು ಕುಪ್ಪಳಿಸಿದರು. ಹೋಟೆಲ್, ರೆಸಾರ್ಟ್‌ಗಳಲ್ಲಿ ವಿಶೇಷ ಕಾರ್ಯಕ್ರಮಗಳು ನಡೆದವು.
ಹಿಮವದ್ ಗೋಪಾಲಸ್ವಾಮಿ ಬೆಟ್ಟದಲ್ಲಿ ಭಕ್ತರು ಸರತಿ ಸಾಲಿನಲ್ಲಿ ನಿಂತಿರುವುದು.
ಮಾಲಯವು ವಿದ್ಯುತ್ ದೀಪಗಳಿಂದ ಕಂಗೊಳಿಸುತ್ತಿತ್ತು. ಕ್ರೈಸ್ತ ಬಾಂಧವರು ಚರ್ಚ್‌ಗಳಲ್ಲಿ ಕೇಕ್ ಕತ್ತರಿಸುವ ಮೂಲಕ ಹೊಸ ವರ್ಷ ಆಚರಿಸಿದರು. ಜಿಲ್ಲೆಯ ಪ್ರವಾಸಿ ತಾಣಗಳಾದ ಮಲೆಮಹದೇಶ್ವರ ಬೆಟ್ಟ, ಬಿಳಿಗಿರಿರಂಗನ ಬೆಟ್ಟ, ಹಿಮವದ್ ಗೋಪಾಲಸ್ವಾಮಿ ಬೆಟ್ಟಗಳಲ್ಲಿ ಭಕ್ತರ ದಂಡೇ ನೆರೆದಿತ್ತು. ಬೆಳಗ್ಗೆಯಿಂದಲೇ ಸರತಿ ಸಾಲಿನಲ್ಲಿ ನಿಂತು ದೇವರ ದರ್ಶನ ಪಡೆದರು. ಕೊಳ್ಳೇಗಾಲ, ಯಳಂದೂರು, ಹನೂರು, ಗುಂಡ್ಲುಪೇಟೆ ತಾಲೂಕುಗಳಲ್ಲಿಯೂ ಸಂಭ್ರಮದ ವಾತಾವರಣ ಕಂಡುಬಂತು. ಬೇಕರಿ, ಸಿಹಿ ತಿನಿಸು ಅಂಗಡಿಗಳಲ್ಲಿ ವ್ಯಾಪಾರ ಜೋರಾಗಿತ್ತು.
ಸ್ವಾಮಿ, ಕುದೇರು ಗ್ರಾಮದ ಮಲ್ಲಿಕಾರ್ಜುನ ಸ್ವಾಮಿ, ಚಂದಕವಾಡಿಯ ಬಸವೇಶ್ವರ ದೇವಸ್ಥಾನಗಳಲ್ಲಿ ವಿಶೇಷ ಪೂಜೆ ಸಲ್ಲಿಸಲಾಯಿತು. ಗುಂಡ್ಲುಪೇಟೆ: ಹೊಸ ವರ್ಷದ ಮೊದಲ ದಿನವಾದ ಗುರುವಾರ ಹಿಮವದ್ ಗೋಪಾಲಸ್ವಾಮಿ ಬೆಟ್ಟಕ್ಕೆ ಸಾವಿರಾರು ಭಕ್ತರು ಆಗಮಿಸಿದ್ದರು. ಬಂಡೀಪುರ ಅರಣ್ಯ ಪ್ರದೇಶದಲ್ಲಿ ಸಫಾರಿಗೆ ಪ್ರವಾಸಿಗರ ದಂಡು ಹರಿದು ಬಂದಿತ್ತು. ಮಾದಪ್ಪನ ಬೆಟ್ಟಕ್ಕೆ ಭಕ್ತರ ದಂಡು: ಹನೂರು ತಾಲೂಕಿನ ಮಲೆಮಹದೇಶ್ವರ ಬೆಟ್ಟಕ್ಕೆ ರಾಜ್ಯದ ವಿವಿಧೆಡೆಯಿಂದ ಭಕ್ತರು ಆಗಮಿಸಿ ಮಾದಪ್ಪನ ದರ್ಶನ ಪಡೆದರು. ವಿಶೇಷ ಪೂಜೆ ಹಾಗೂ ಅಭಿಷೇಕ ನೆರವೇರಿಸಲಾಯಿತು. ಸ್ಥಳದಲ್ಲಿ ಬಿಗಿ ಪೊಲೀಸ್ ಬಂದೋಬಸ್ತ್ ಏರ್ಪಡಿಸಲಾಗಿತ್ತು.
